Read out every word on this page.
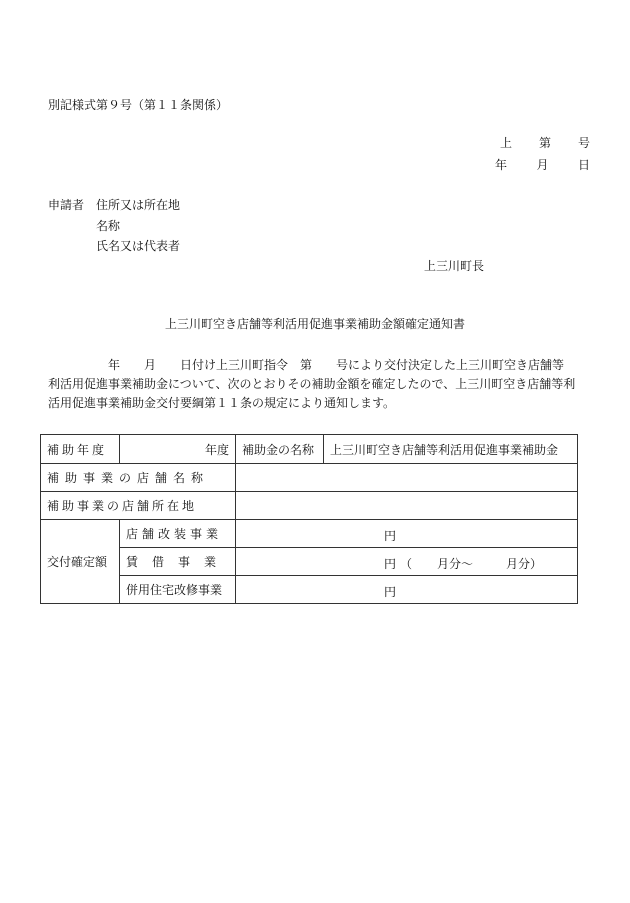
別記様式第９号（第１１条関係）
上 第 号
年 月 日
申請者 住所又は所在地
名称
氏名又は代表者
上三川町長
上三川町空き店舗等利活用促進事業補助金額確定通知書
　　　　　年　　月　　日付け上三川町指令　第　　号により交付決定した上三川町空き店舗等
利活用促進事業補助金について、次のとおりその補助金額を確定したので、上三川町空き店舗等利
活用促進事業補助金交付要綱第１１条の規定により通知します。
補助年度	年度	補助金の名称	上三川町空き店舗等利活用促進事業補助金
補助事業の店舗名称			
補助事業の店舗所在地			
交付確定額	店舗改装事業	円	

	賃借事業	円 （ 月分～ 月分）	

	併用住宅改修事業	円	
